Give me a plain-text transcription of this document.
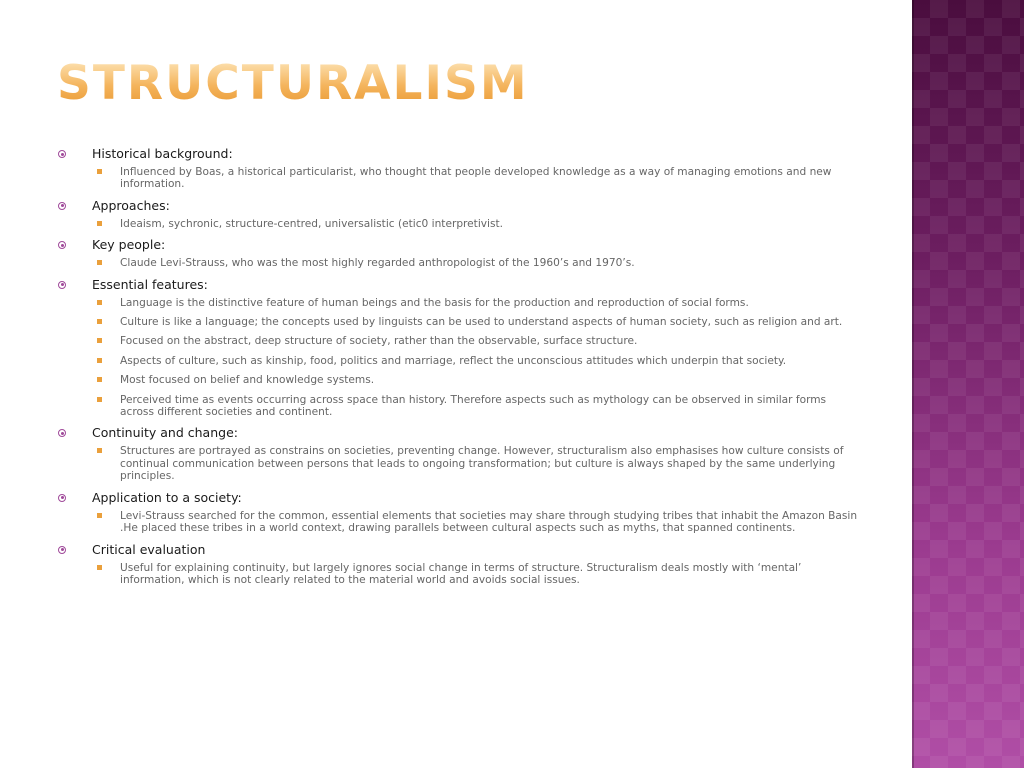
STRUCTURALISM
Historical background:
Influenced by Boas, a historical particularist, who thought that people developed knowledge as a way of managing emotions and new information.
Approaches:
Ideaism, sychronic, structure-centred, universalistic (etic0 interpretivist.
Key people:
Claude Levi-Strauss, who was the most highly regarded anthropologist of the 1960’s and 1970’s.
Essential features:
Language is the distinctive feature of human beings and the basis for the production and reproduction of social forms.
Culture is like a language; the concepts used by linguists can be used to understand aspects of human society, such as religion and art.
Focused on the abstract, deep structure of society, rather than the observable, surface structure.
Aspects of culture, such as kinship, food, politics and marriage, reflect the unconscious attitudes which underpin that society.
Most focused on belief and knowledge systems.
Perceived time as events occurring across space than history. Therefore aspects such as mythology can be observed in similar forms across different societies and continent.
Continuity and change:
Structures are portrayed as constrains on societies, preventing change. However, structuralism also emphasises how culture consists of continual communication between persons that leads to ongoing transformation; but culture is always shaped by the same underlying principles.
Application to a society:
Levi-Strauss searched for the common, essential elements that societies may share through studying tribes that inhabit the Amazon Basin .He placed these tribes in a world context, drawing parallels between cultural aspects such as myths, that spanned continents.
Critical evaluation
Useful for explaining continuity, but largely ignores social change in terms of structure. Structuralism deals mostly with ‘mental’ information, which is not clearly related to the material world and avoids social issues.
